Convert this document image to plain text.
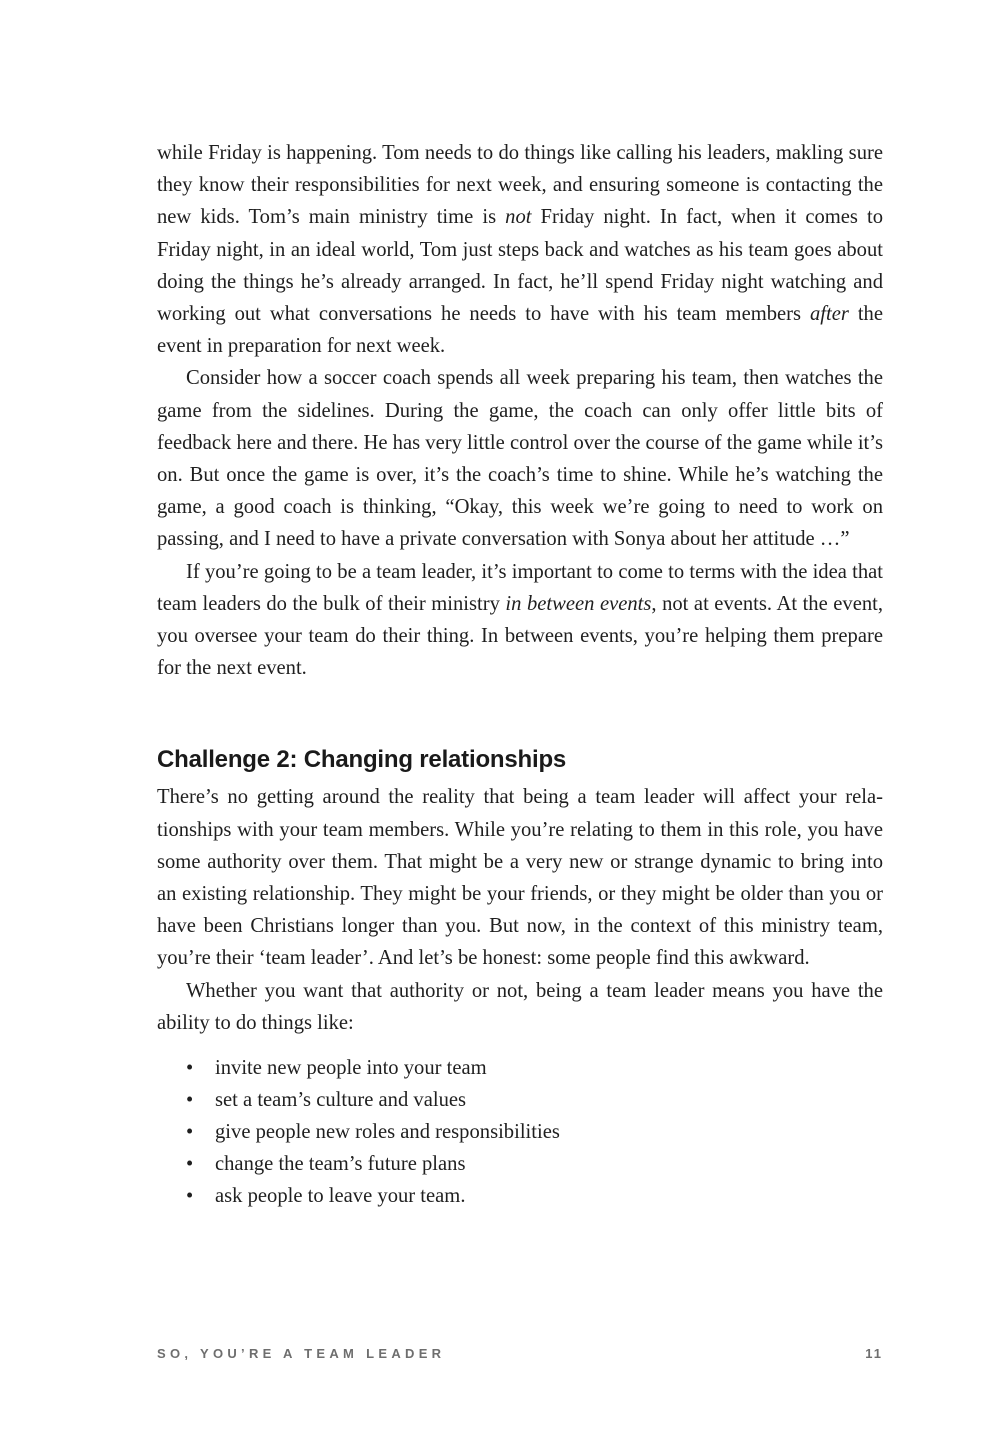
while Friday is happening. Tom needs to do things like calling his leaders, makling sure they know their responsibilities for next week, and ensuring someone is contacting the new kids. Tom’s main ministry time is not Friday night. In fact, when it comes to Friday night, in an ideal world, Tom just steps back and watches as his team goes about doing the things he’s already arranged. In fact, he’ll spend Friday night watching and working out what conversations he needs to have with his team members after the event in preparation for next week.

Consider how a soccer coach spends all week preparing his team, then watches the game from the sidelines. During the game, the coach can only offer little bits of feedback here and there. He has very little control over the course of the game while it’s on. But once the game is over, it’s the coach’s time to shine. While he’s watching the game, a good coach is thinking, “Okay, this week we’re going to need to work on passing, and I need to have a private conversation with Sonya about her attitude …”

If you’re going to be a team leader, it’s important to come to terms with the idea that team leaders do the bulk of their ministry in between events, not at events. At the event, you oversee your team do their thing. In between events, you’re helping them prepare for the next event.

Challenge 2: Changing relationships

There’s no getting around the reality that being a team leader will affect your relationships with your team members. While you’re relating to them in this role, you have some authority over them. That might be a very new or strange dynamic to bring into an existing relationship. They might be your friends, or they might be older than you or have been Christians longer than you. But now, in the context of this ministry team, you’re their ‘team leader’. And let’s be honest: some people find this awkward.

Whether you want that authority or not, being a team leader means you have the ability to do things like:

• invite new people into your team
• set a team’s culture and values
• give people new roles and responsibilities
• change the team’s future plans
• ask people to leave your team.
SO, YOU’RE A TEAM LEADER	11
